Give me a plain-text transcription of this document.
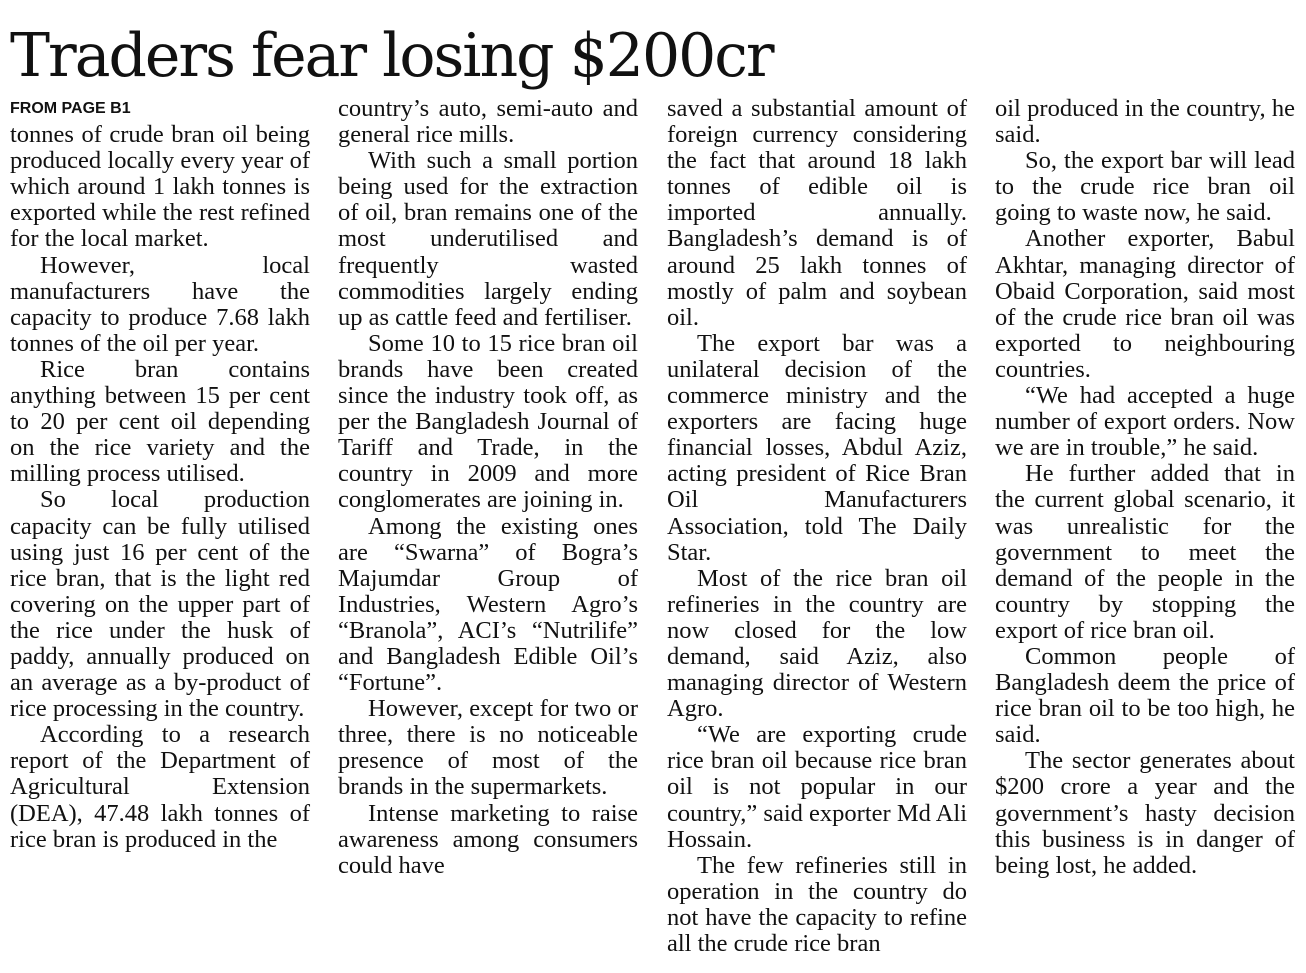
Traders fear losing $200cr
FROM PAGE B1

tonnes of crude bran oil being produced locally every year of which around 1 lakh tonnes is exported while the rest refined for the local market.

However, local manufacturers have the capacity to produce 7.68 lakh tonnes of the oil per year.

Rice bran contains anything between 15 per cent to 20 per cent oil depending on the rice variety and the milling process utilised.

So local production capacity can be fully utilised using just 16 per cent of the rice bran, that is the light red covering on the upper part of the rice under the husk of paddy, annually produced on an average as a by-product of rice processing in the country.

According to a research report of the Department of Agricultural Extension (DEA), 47.48 lakh tonnes of rice bran is produced in the

country’s auto, semi-auto and general rice mills.

With such a small portion being used for the extraction of oil, bran remains one of the most underutilised and frequently wasted commodities largely ending up as cattle feed and fertiliser.

Some 10 to 15 rice bran oil brands have been created since the industry took off, as per the Bangladesh Journal of Tariff and Trade, in the country in 2009 and more conglomerates are joining in.

Among the existing ones are “Swarna” of Bogra’s Majumdar Group of Industries, Western Agro’s “Branola”, ACI’s “Nutrilife” and Bangladesh Edible Oil’s “Fortune”.

However, except for two or three, there is no noticeable presence of most of the brands in the supermarkets.

Intense marketing to raise awareness among consumers could have

saved a substantial amount of foreign currency considering the fact that around 18 lakh tonnes of edible oil is imported annually. Bangladesh’s demand is of around 25 lakh tonnes of mostly of palm and soybean oil.

The export bar was a unilateral decision of the commerce ministry and the exporters are facing huge financial losses, Abdul Aziz, acting president of Rice Bran Oil Manufacturers Association, told The Daily Star.

Most of the rice bran oil refineries in the country are now closed for the low demand, said Aziz, also managing director of Western Agro.

“We are exporting crude rice bran oil because rice bran oil is not popular in our country,” said exporter Md Ali Hossain.

The few refineries still in operation in the country do not have the capacity to refine all the crude rice bran

oil produced in the country, he said.

So, the export bar will lead to the crude rice bran oil going to waste now, he said.

Another exporter, Babul Akhtar, managing director of Obaid Corporation, said most of the crude rice bran oil was exported to neighbouring countries.

“We had accepted a huge number of export orders. Now we are in trouble,” he said.

He further added that in the current global scenario, it was unrealistic for the government to meet the demand of the people in the country by stopping the export of rice bran oil.

Common people of Bangladesh deem the price of rice bran oil to be too high, he said.

The sector generates about $200 crore a year and the government’s hasty decision this business is in danger of being lost, he added.
